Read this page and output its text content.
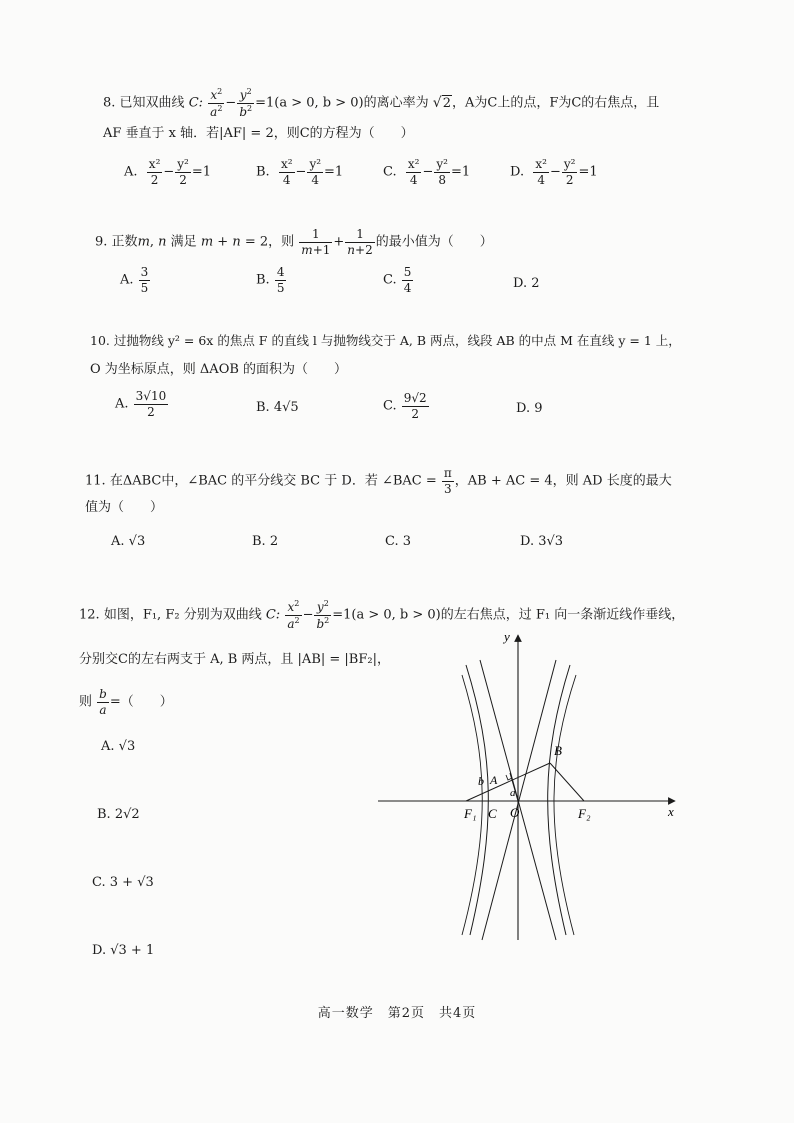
8. 已知双曲线 C: $\frac{x^2}{a^2} - \frac{y^2}{b^2} =1(a > 0$, b > 0)的离心率为 √2，A为C上的点，F为C的右焦点，且
AF 垂直于 x 轴．若|AF| = 2，则C的方程为（　　）
A. $\frac{\text{x²}}{2} - \frac{\text{y²}}{2} =1$	B. $\frac{\text{x²}}{4} - \frac{\text{y²}}{4} =1$	C. $\frac{\text{x²}}{4} - \frac{\text{y²}}{8} =1$	D. $\frac{\text{x²}}{4} - \frac{\text{y²}}{2} =1$
9. 正数m, n 满足 m + n = 2，则 $\frac{1}{m+1} + \frac{1}{n+2}$ 的最小值为（　　）
A. $\frac{3}{5}$	B. $\frac{4}{5}$	C. $\frac{5}{4}$	D. 2
10. 过抛物线 y² = 6x 的焦点 F 的直线 l 与抛物线交于 A, B 两点，线段 AB 的中点 M 在直线 y = 1 上，
O 为坐标原点，则 ΔAOB 的面积为（　　）
A. $\frac{3√10}{2}$	B. 4√5	C. $\frac{9√2}{2}$	D. 9
11. 在ΔABC中，∠BAC 的平分线交 BC 于 D．若 ∠BAC = $\frac{\pi}{3}$ ，AB + AC = 4，则 AD 长度的最大
值为（　　）
A. √3	B. 2	C. 3	D. 3√3
12. 如图，F₁, F₂ 分别为双曲线 C: $\frac{x^2}{a^2} - \frac{y^2}{b^2} =1(a > 0$, b > 0)的左右焦点，过 F₁ 向一条渐近线作垂线，
分别交C的左右两支于 A, B 两点，且 |AB| = |BF₂|，
则 $\frac{b}{a}$ =（　　）
A. √3
B. 2√2
C. 3 + √3
D. √3 + 1
y
x
B
A
b
a
F₁ C O	F₂
高一数学　第2页　共4页
